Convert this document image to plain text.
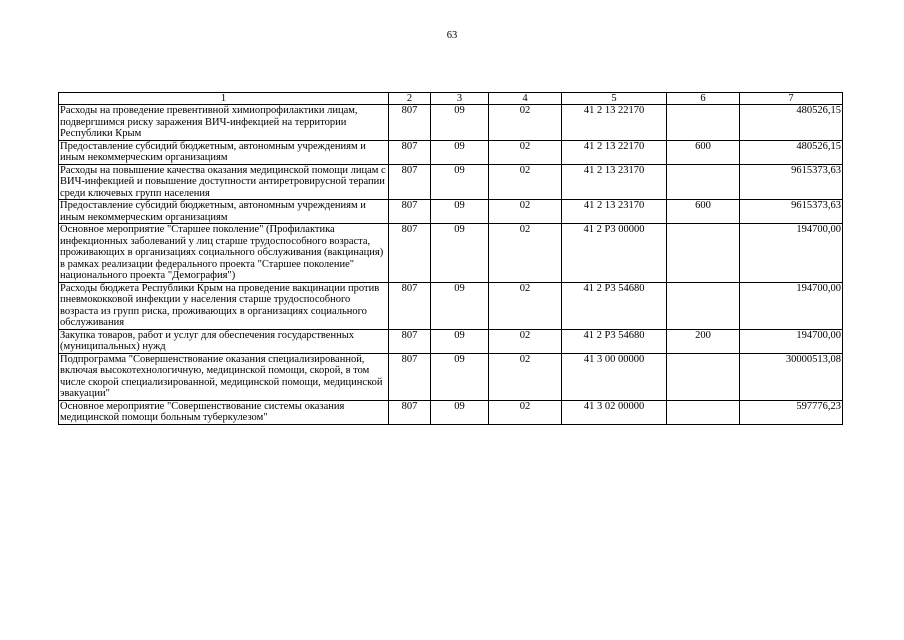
63
1	2	3	4	5	6	7
Расходы на проведение превентивной химиопрофилактики лицам, подвергшимся риску заражения ВИЧ-инфекцией на территории Республики Крым	807	09	02	41 2 13 22170		480526,15
Предоставление субсидий бюджетным, автономным учреждениям и иным некоммерческим организациям	807	09	02	41 2 13 22170	600	480526,15
Расходы на повышение качества оказания медицинской помощи лицам с ВИЧ-инфекцией и повышение доступности антиретровирусной терапии среди ключевых групп населения	807	09	02	41 2 13 23170		9615373,63
Предоставление субсидий бюджетным, автономным учреждениям и иным некоммерческим организациям	807	09	02	41 2 13 23170	600	9615373,63
Основное мероприятие "Старшее поколение" (Профилактика инфекционных заболеваний у лиц старше трудоспособного возраста, проживающих в организациях социального обслуживания (вакцинация) в рамках реализации федерального проекта "Старшее поколение" национального проекта "Демография")	807	09	02	41 2 P3 00000		194700,00
Расходы бюджета Республики Крым на проведение вакцинации против пневмококковой инфекции у населения старше трудоспособного возраста из групп риска, проживающих в организациях социального обслуживания	807	09	02	41 2 P3 54680		194700,00
Закупка товаров, работ и услуг для обеспечения государственных (муниципальных) нужд	807	09	02	41 2 P3 54680	200	194700,00
Подпрограмма "Совершенствование оказания специализированной, включая высокотехнологичную, медицинской помощи, скорой, в том числе скорой специализированной, медицинской помощи, медицинской эвакуации"	807	09	02	41 3 00 00000		30000513,08
Основное мероприятие "Совершенствование системы оказания медицинской помощи больным туберкулезом"	807	09	02	41 3 02 00000		597776,23
